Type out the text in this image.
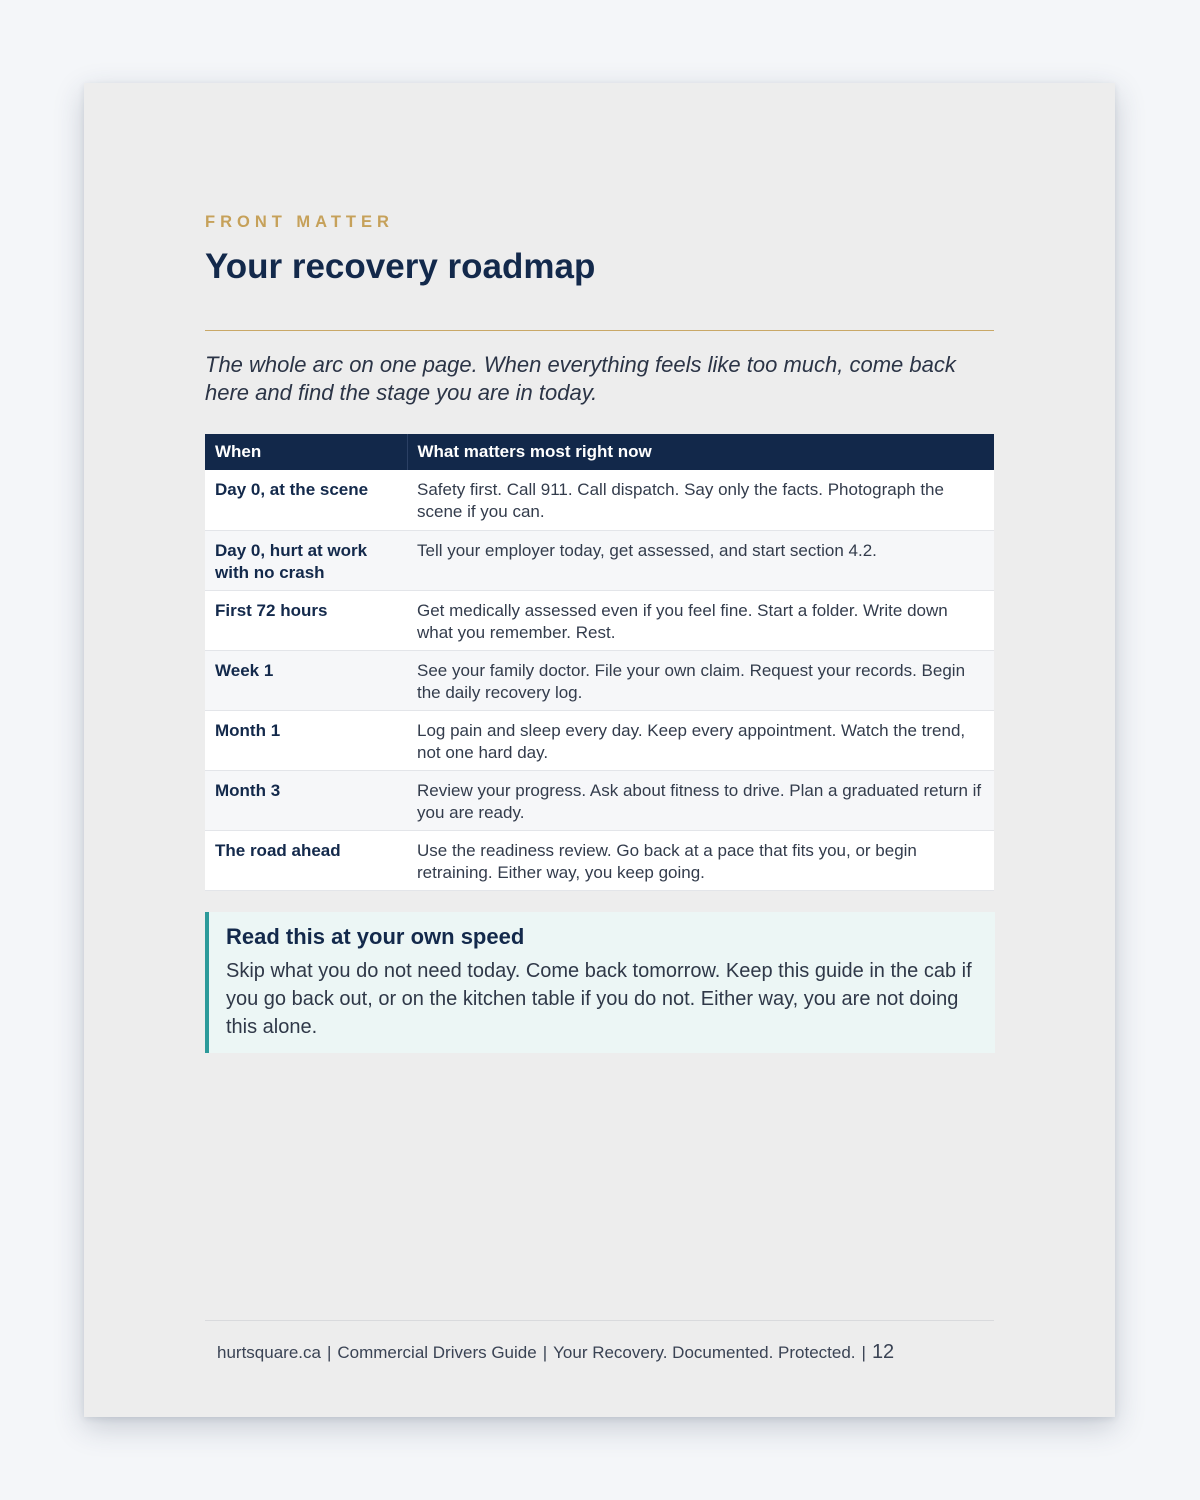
FRONT MATTER
Your recovery roadmap

The whole arc on one page. When everything feels like too much, come back here and find the stage you are in today.

When	What matters most right now
Day 0, at the scene	Safety first. Call 911. Call dispatch. Say only the facts. Photograph the scene if you can.
Day 0, hurt at work with no crash	Tell your employer today, get assessed, and start section 4.2.
First 72 hours	Get medically assessed even if you feel fine. Start a folder. Write down what you remember. Rest.
Week 1	See your family doctor. File your own claim. Request your records. Begin the daily recovery log.
Month 1	Log pain and sleep every day. Keep every appointment. Watch the trend, not one hard day.
Month 3	Review your progress. Ask about fitness to drive. Plan a graduated return if you are ready.
The road ahead	Use the readiness review. Go back at a pace that fits you, or begin retraining. Either way, you keep going.
Read this at your own speed

Skip what you do not need today. Come back tomorrow. Keep this guide in the cab if you go back out, or on the kitchen table if you do not. Either way, you are not doing this alone.

hurtsquare.ca | Commercial Drivers Guide | Your Recovery. Documented. Protected. | 12
